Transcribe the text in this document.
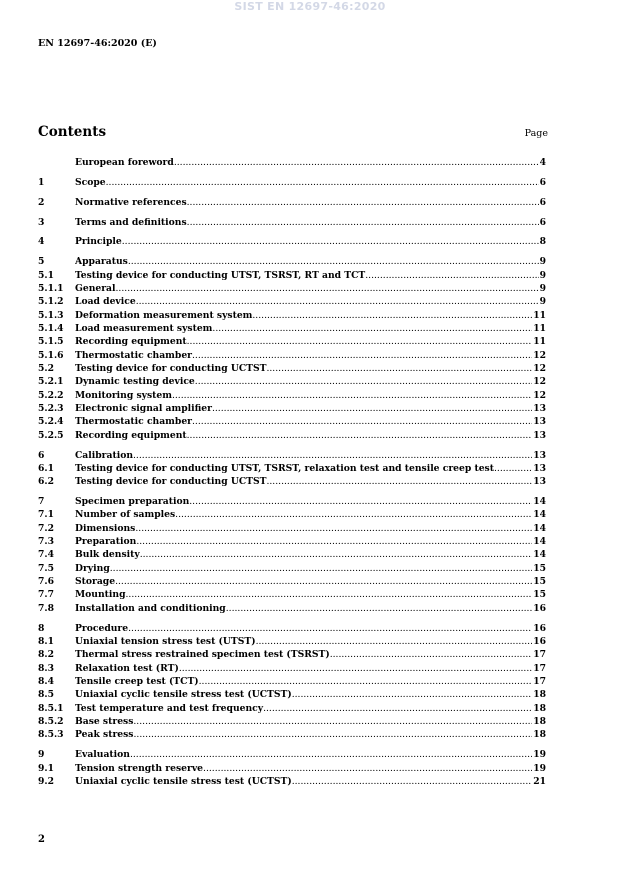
SIST EN 12697-46:2020
EN 12697-46:2020 (E)
Contents	Page
European foreword .....	4
1	Scope .....	6
2	Normative references .....	6
3	Terms and definitions .....	6
4	Principle .....	8
5	Apparatus .....	9
5.1	Testing device for conducting UTST, TSRST, RT and TCT .....	9
5.1.1	General .....	9
5.1.2	Load device .....	9
5.1.3	Deformation measurement system .....	11
5.1.4	Load measurement system .....	11
5.1.5	Recording equipment .....	11
5.1.6	Thermostatic chamber .....	12
5.2	Testing device for conducting UCTST .....	12
5.2.1	Dynamic testing device .....	12
5.2.2	Monitoring system .....	12
5.2.3	Electronic signal amplifier .....	13
5.2.4	Thermostatic chamber .....	13
5.2.5	Recording equipment .....	13
6	Calibration .....	13
6.1	Testing device for conducting UTST, TSRST, relaxation test and tensile creep test .....	13
6.2	Testing device for conducting UCTST .....	13
7	Specimen preparation .....	14
7.1	Number of samples .....	14
7.2	Dimensions .....	14
7.3	Preparation .....	14
7.4	Bulk density .....	14
7.5	Drying .....	15
7.6	Storage .....	15
7.7	Mounting .....	15
7.8	Installation and conditioning .....	16
8	Procedure .....	16
8.1	Uniaxial tension stress test (UTST) .....	16
8.2	Thermal stress restrained specimen test (TSRST) .....	17
8.3	Relaxation test (RT) .....	17
8.4	Tensile creep test (TCT) .....	17
8.5	Uniaxial cyclic tensile stress test (UCTST) .....	18
8.5.1	Test temperature and test frequency .....	18
8.5.2	Base stress .....	18
8.5.3	Peak stress .....	18
9	Evaluation .....	19
9.1	Tension strength reserve .....	19
9.2	Uniaxial cyclic tensile stress test (UCTST) .....	21
2
